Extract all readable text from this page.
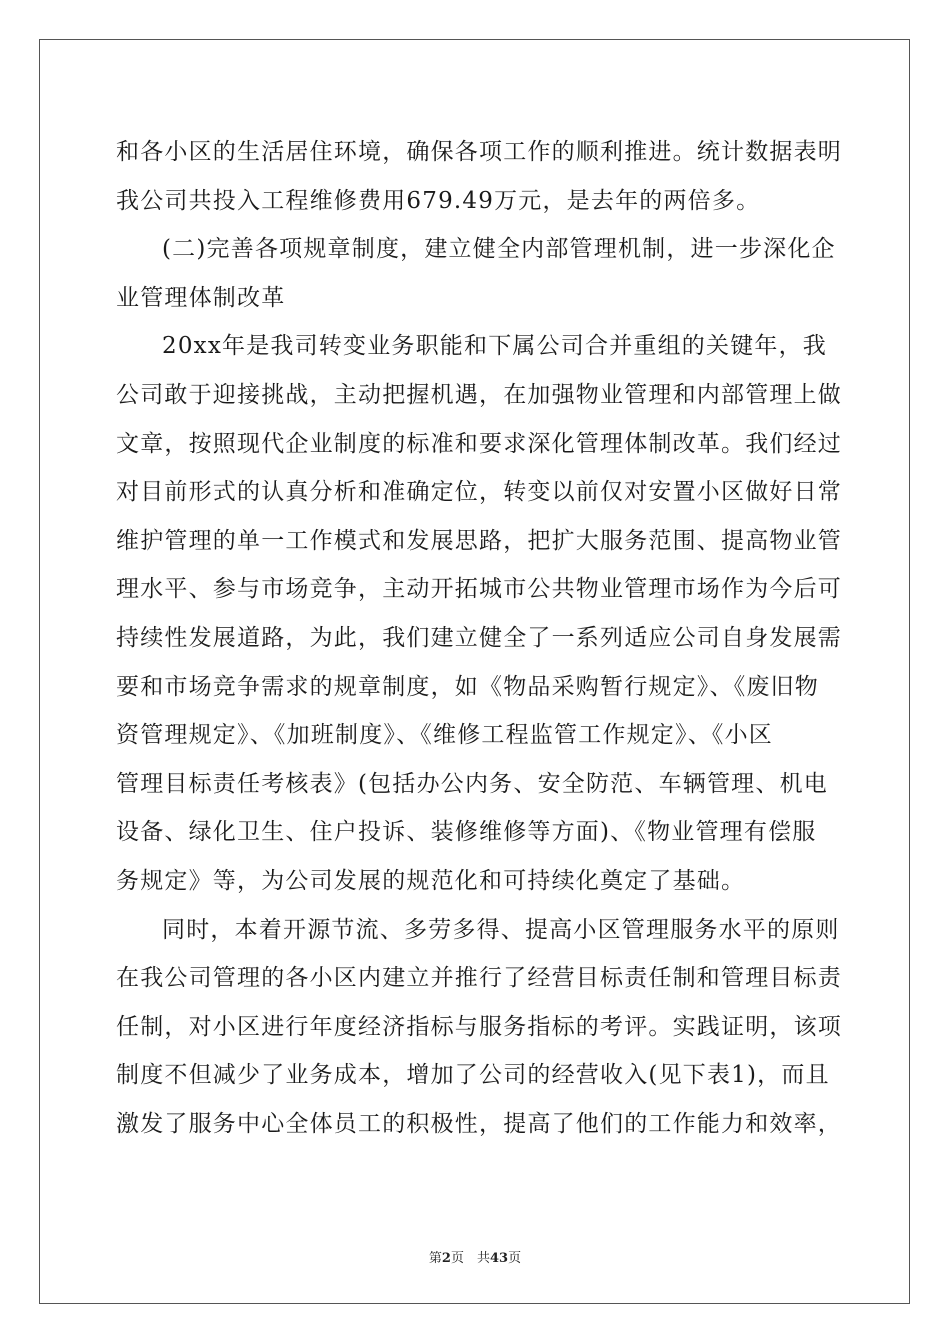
和各小区的生活居住环境，确保各项工作的顺利推进。统计数据表明
我公司共投入工程维修费用679.49万元，是去年的两倍多。
(二)完善各项规章制度，建立健全内部管理机制，进一步深化企
业管理体制改革
20xx年是我司转变业务职能和下属公司合并重组的关键年，我
公司敢于迎接挑战，主动把握机遇，在加强物业管理和内部管理上做
文章，按照现代企业制度的标准和要求深化管理体制改革。我们经过
对目前形式的认真分析和准确定位，转变以前仅对安置小区做好日常
维护管理的单一工作模式和发展思路，把扩大服务范围、提高物业管
理水平、参与市场竞争，主动开拓城市公共物业管理市场作为今后可
持续性发展道路，为此，我们建立健全了一系列适应公司自身发展需
要和市场竞争需求的规章制度，如《物品采购暂行规定》、《废旧物
资管理规定》、《加班制度》、《维修工程监管工作规定》、《小区
管理目标责任考核表》(包括办公内务、安全防范、车辆管理、机电
设备、绿化卫生、住户投诉、装修维修等方面)、《物业管理有偿服
务规定》等，为公司发展的规范化和可持续化奠定了基础。
同时，本着开源节流、多劳多得、提高小区管理服务水平的原则
在我公司管理的各小区内建立并推行了经营目标责任制和管理目标责
任制，对小区进行年度经济指标与服务指标的考评。实践证明，该项
制度不但减少了业务成本，增加了公司的经营收入(见下表1)，而且
激发了服务中心全体员工的积极性，提高了他们的工作能力和效率，
第2页　共43页
